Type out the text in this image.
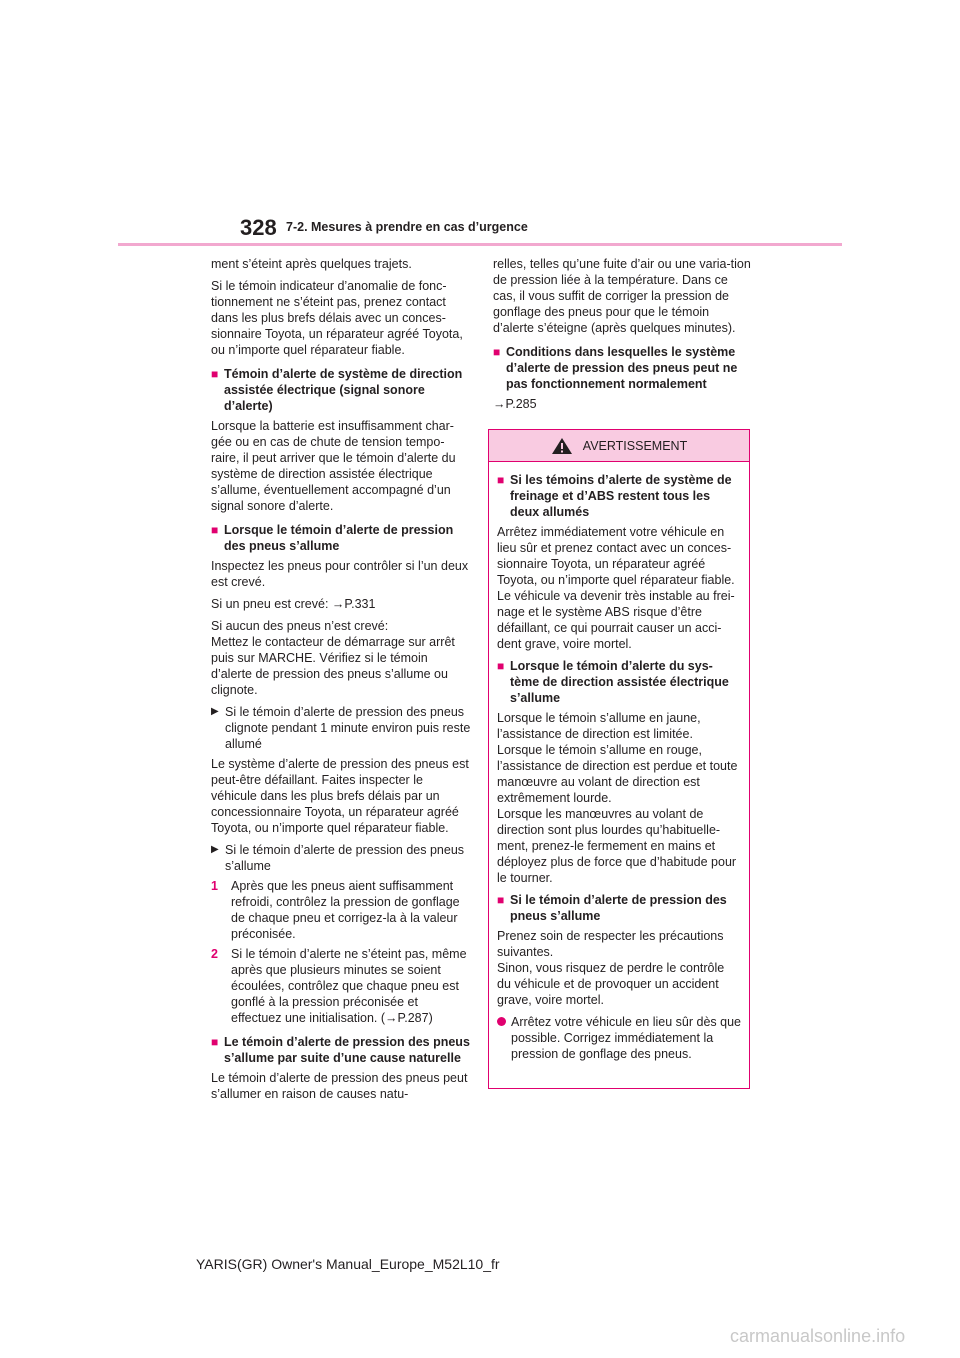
328 7-2. Mesures à prendre en cas d’urgence

ment s’éteint après quelques trajets.

Si le témoin indicateur d’anomalie de fonc-tionnement ne s’éteint pas, prenez contact dans les plus brefs délais avec un conces-sionnaire Toyota, un réparateur agréé Toyota, ou n’importe quel réparateur fiable.

■ Témoin d’alerte de système de direction assistée électrique (signal sonore d’alerte)

Lorsque la batterie est insuffisamment char-gée ou en cas de chute de tension tempo-raire, il peut arriver que le témoin d’alerte du système de direction assistée électrique s’allume, éventuellement accompagné d’un signal sonore d’alerte.

■ Lorsque le témoin d’alerte de pression des pneus s’allume

Inspectez les pneus pour contrôler si l’un deux est crevé.

Si un pneu est crevé: →P.331

Si aucun des pneus n’est crevé:

Mettez le contacteur de démarrage sur arrêt puis sur MARCHE. Vérifiez si le témoin d’alerte de pression des pneus s’allume ou clignote.

▶ Si le témoin d’alerte de pression des pneus clignote pendant 1 minute environ puis reste allumé

Le système d’alerte de pression des pneus est peut-être défaillant. Faites inspecter le véhicule dans les plus brefs délais par un concessionnaire Toyota, un réparateur agréé Toyota, ou n’importe quel réparateur fiable.

▶ Si le témoin d’alerte de pression des pneus s’allume
1	Après que les pneus aient suffisamment refroidi, contrôlez la pression de gonflage de chaque pneu et corrigez-la à la valeur préconisée.
2	Si le témoin d’alerte ne s’éteint pas, même après que plusieurs minutes se soient écoulées, contrôlez que chaque pneu est gonflé à la pression préconisée et effectuez une initialisation. (→P.287)
■ Le témoin d’alerte de pression des pneus s’allume par suite d’une cause naturelle

Le témoin d’alerte de pression des pneus peut s’allumer en raison de causes natu-

relles, telles qu’une fuite d’air ou une varia-tion de pression liée à la température. Dans ce cas, il vous suffit de corriger la pression de gonflage des pneus pour que le témoin d’alerte s’éteigne (après quelques minutes).

■ Conditions dans lesquelles le système d’alerte de pression des pneus peut ne pas fonctionnement normalement

→P.285

AVERTISSEMENT
■ Si les témoins d’alerte de système de freinage et d’ABS restent tous les deux allumés

Arrêtez immédiatement votre véhicule en lieu sûr et prenez contact avec un conces-sionnaire Toyota, un réparateur agréé Toyota, ou n’importe quel réparateur fiable.

Le véhicule va devenir très instable au frei-nage et le système ABS risque d’être défaillant, ce qui pourrait causer un acci-dent grave, voire mortel.

■ Lorsque le témoin d’alerte du sys-tème de direction assistée électrique s’allume

Lorsque le témoin s’allume en jaune, l’assistance de direction est limitée.

Lorsque le témoin s’allume en rouge, l’assistance de direction est perdue et toute manœuvre au volant de direction est extrêmement lourde.

Lorsque les manœuvres au volant de direction sont plus lourdes qu’habituelle-ment, prenez-le fermement en mains et déployez plus de force que d’habitude pour le tourner.

■ Si le témoin d’alerte de pression des pneus s’allume

Prenez soin de respecter les précautions suivantes.

Sinon, vous risquez de perdre le contrôle du véhicule et de provoquer un accident grave, voire mortel.

Arrêtez votre véhicule en lieu sûr dès que possible. Corrigez immédiatement la pression de gonflage des pneus.
YARIS(GR) Owner's Manual_Europe_M52L10_fr
carmanualsonline.info
